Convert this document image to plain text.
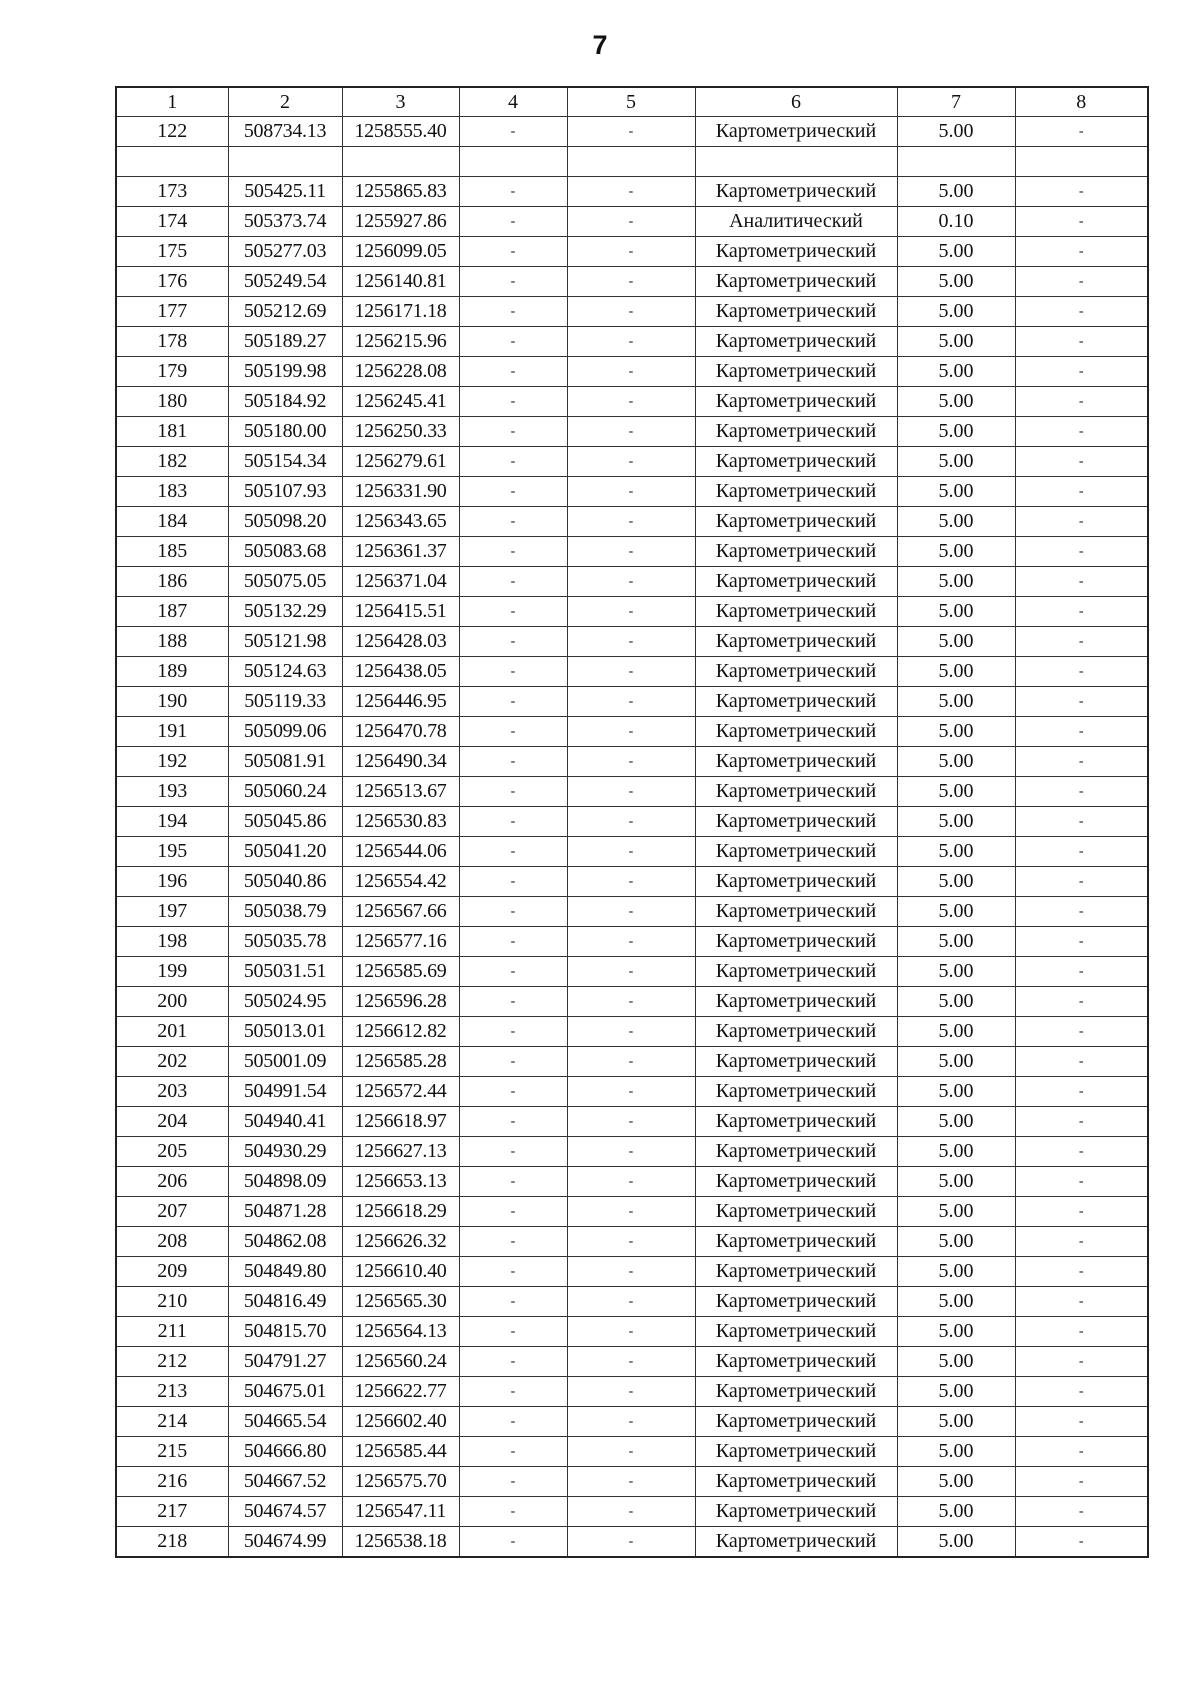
7
1	2	3	4	5	6	7	8
122	508734.13	1258555.40	-	-	Картометрический	5.00	-

173	505425.11	1255865.83	-	-	Картометрический	5.00	-
174	505373.74	1255927.86	-	-	Аналитический	0.10	-
175	505277.03	1256099.05	-	-	Картометрический	5.00	-
176	505249.54	1256140.81	-	-	Картометрический	5.00	-
177	505212.69	1256171.18	-	-	Картометрический	5.00	-
178	505189.27	1256215.96	-	-	Картометрический	5.00	-
179	505199.98	1256228.08	-	-	Картометрический	5.00	-
180	505184.92	1256245.41	-	-	Картометрический	5.00	-
181	505180.00	1256250.33	-	-	Картометрический	5.00	-
182	505154.34	1256279.61	-	-	Картометрический	5.00	-
183	505107.93	1256331.90	-	-	Картометрический	5.00	-
184	505098.20	1256343.65	-	-	Картометрический	5.00	-
185	505083.68	1256361.37	-	-	Картометрический	5.00	-
186	505075.05	1256371.04	-	-	Картометрический	5.00	-
187	505132.29	1256415.51	-	-	Картометрический	5.00	-
188	505121.98	1256428.03	-	-	Картометрический	5.00	-
189	505124.63	1256438.05	-	-	Картометрический	5.00	-
190	505119.33	1256446.95	-	-	Картометрический	5.00	-
191	505099.06	1256470.78	-	-	Картометрический	5.00	-
192	505081.91	1256490.34	-	-	Картометрический	5.00	-
193	505060.24	1256513.67	-	-	Картометрический	5.00	-
194	505045.86	1256530.83	-	-	Картометрический	5.00	-
195	505041.20	1256544.06	-	-	Картометрический	5.00	-
196	505040.86	1256554.42	-	-	Картометрический	5.00	-
197	505038.79	1256567.66	-	-	Картометрический	5.00	-
198	505035.78	1256577.16	-	-	Картометрический	5.00	-
199	505031.51	1256585.69	-	-	Картометрический	5.00	-
200	505024.95	1256596.28	-	-	Картометрический	5.00	-
201	505013.01	1256612.82	-	-	Картометрический	5.00	-
202	505001.09	1256585.28	-	-	Картометрический	5.00	-
203	504991.54	1256572.44	-	-	Картометрический	5.00	-
204	504940.41	1256618.97	-	-	Картометрический	5.00	-
205	504930.29	1256627.13	-	-	Картометрический	5.00	-
206	504898.09	1256653.13	-	-	Картометрический	5.00	-
207	504871.28	1256618.29	-	-	Картометрический	5.00	-
208	504862.08	1256626.32	-	-	Картометрический	5.00	-
209	504849.80	1256610.40	-	-	Картометрический	5.00	-
210	504816.49	1256565.30	-	-	Картометрический	5.00	-
211	504815.70	1256564.13	-	-	Картометрический	5.00	-
212	504791.27	1256560.24	-	-	Картометрический	5.00	-
213	504675.01	1256622.77	-	-	Картометрический	5.00	-
214	504665.54	1256602.40	-	-	Картометрический	5.00	-
215	504666.80	1256585.44	-	-	Картометрический	5.00	-
216	504667.52	1256575.70	-	-	Картометрический	5.00	-
217	504674.57	1256547.11	-	-	Картометрический	5.00	-
218	504674.99	1256538.18	-	-	Картометрический	5.00	-
